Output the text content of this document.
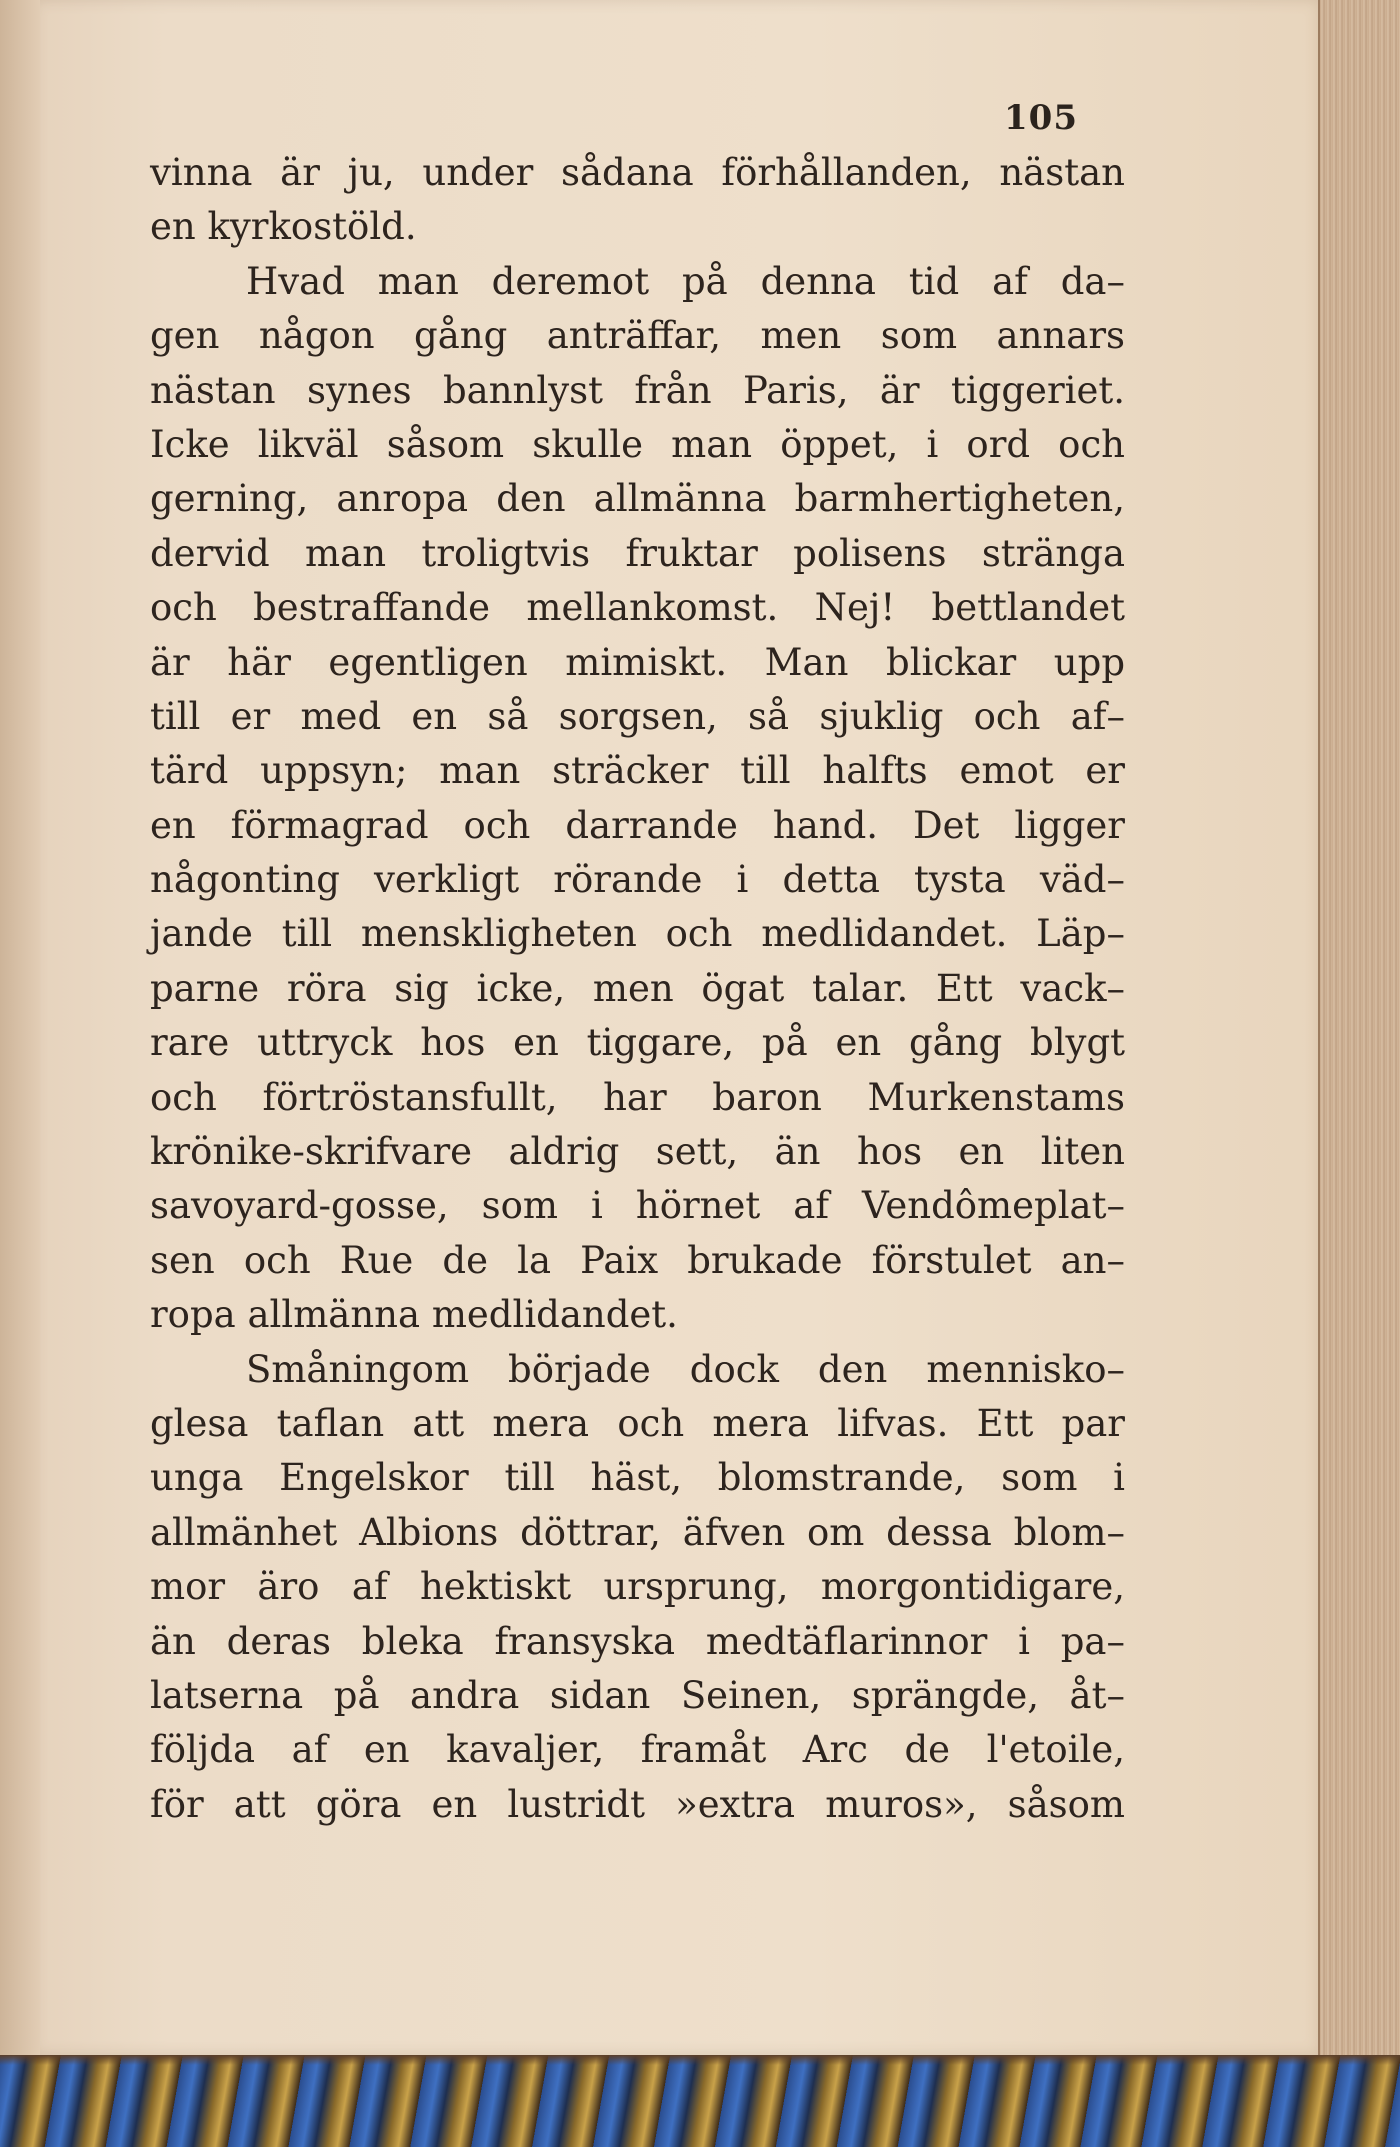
105
vinna är ju, under sådana förhållanden, nästan
en kyrkostöld.
Hvad man deremot på denna tid af da–
gen någon gång anträffar, men som annars
nästan synes bannlyst från Paris, är tiggeriet.
Icke likväl såsom skulle man öppet, i ord och
gerning, anropa den allmänna barmhertigheten,
dervid man troligtvis fruktar polisens stränga
och bestraffande mellankomst. Nej! bettlandet
är här egentligen mimiskt. Man blickar upp
till er med en så sorgsen, så sjuklig och af–
tärd uppsyn; man sträcker till halfts emot er
en förmagrad och darrande hand. Det ligger
någonting verkligt rörande i detta tysta väd–
jande till menskligheten och medlidandet. Läp–
parne röra sig icke, men ögat talar. Ett vack–
rare uttryck hos en tiggare, på en gång blygt
och förtröstansfullt, har baron Murkenstams
krönike-skrifvare aldrig sett, än hos en liten
savoyard-gosse, som i hörnet af Vendômeplat–
sen och Rue de la Paix brukade förstulet an–
ropa allmänna medlidandet.
Småningom började dock den mennisko–
glesa taflan att mera och mera lifvas. Ett par
unga Engelskor till häst, blomstrande, som i
allmänhet Albions döttrar, äfven om dessa blom–
mor äro af hektiskt ursprung, morgontidigare,
än deras bleka fransyska medtäflarinnor i pa–
latserna på andra sidan Seinen, sprängde, åt–
följda af en kavaljer, framåt Arc de l'etoile,
för att göra en lustridt »extra muros», såsom
